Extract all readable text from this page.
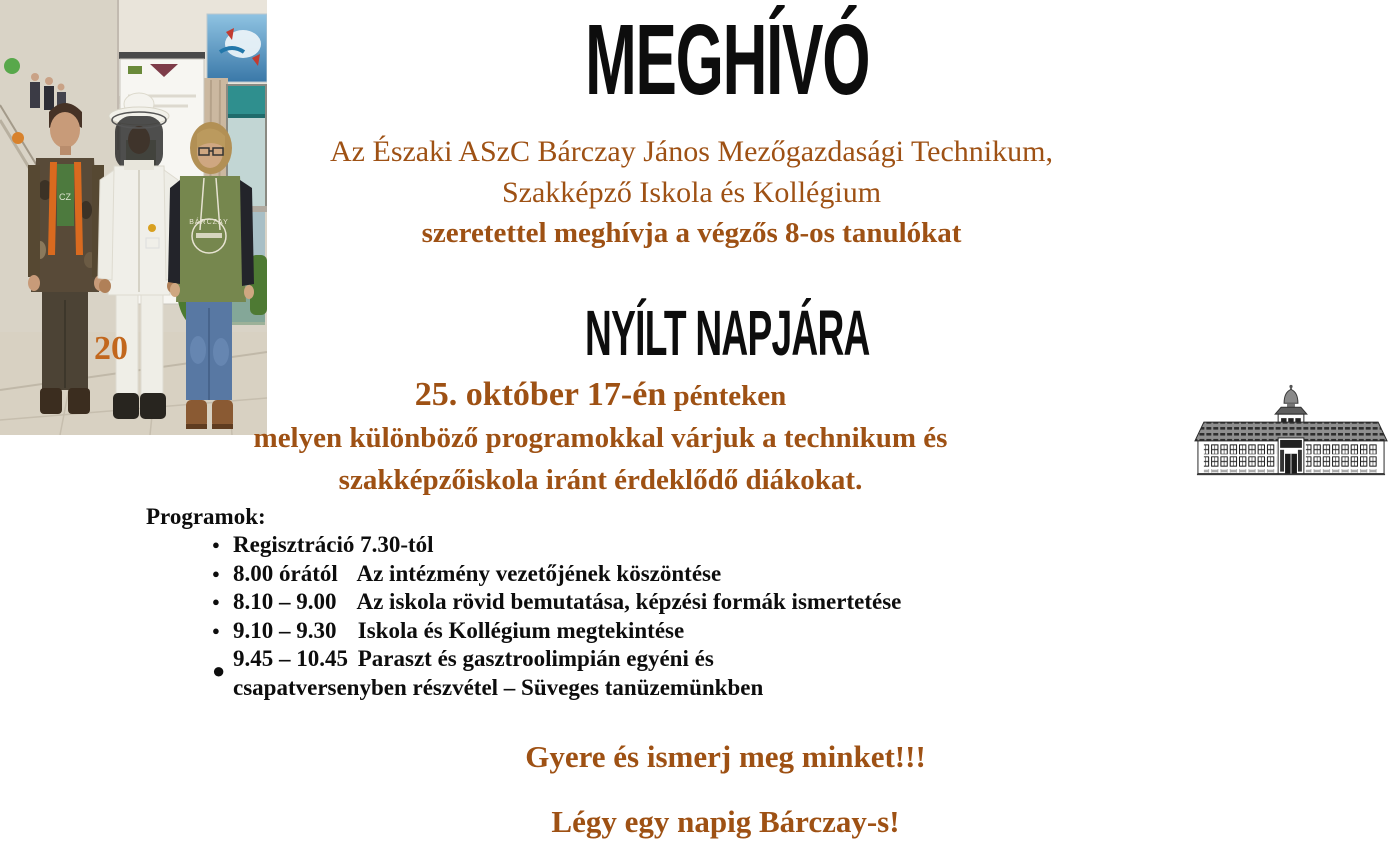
CZ
BÁRCZAY
20
MEGHÍVÓ
Az Északi ASzC Bárczay János Mezőgazdasági Technikum,
Szakképző Iskola és Kollégium
szeretettel meghívja a végzős 8-os tanulókat
NYÍLT NAPJÁRA
25. október 17-én pénteken
melyen különböző programokkal várjuk a technikum és
szakképzőiskola iránt érdeklődő diákokat.
Programok:
● Regisztráció 7.30-tól
● 8.00 órától Az intézmény vezetőjének köszöntése
● 8.10 – 9.00 Az iskola rövid bemutatása, képzési formák ismertetése
● 9.10 – 9.30 Iskola és Kollégium megtekintése
● 9.45 – 10.45 Paraszt és gasztroolimpián egyéni és
csapatversenyben részvétel – Süveges tanüzemünkben
Gyere és ismerj meg minket!!!
Légy egy napig Bárczay-s!
